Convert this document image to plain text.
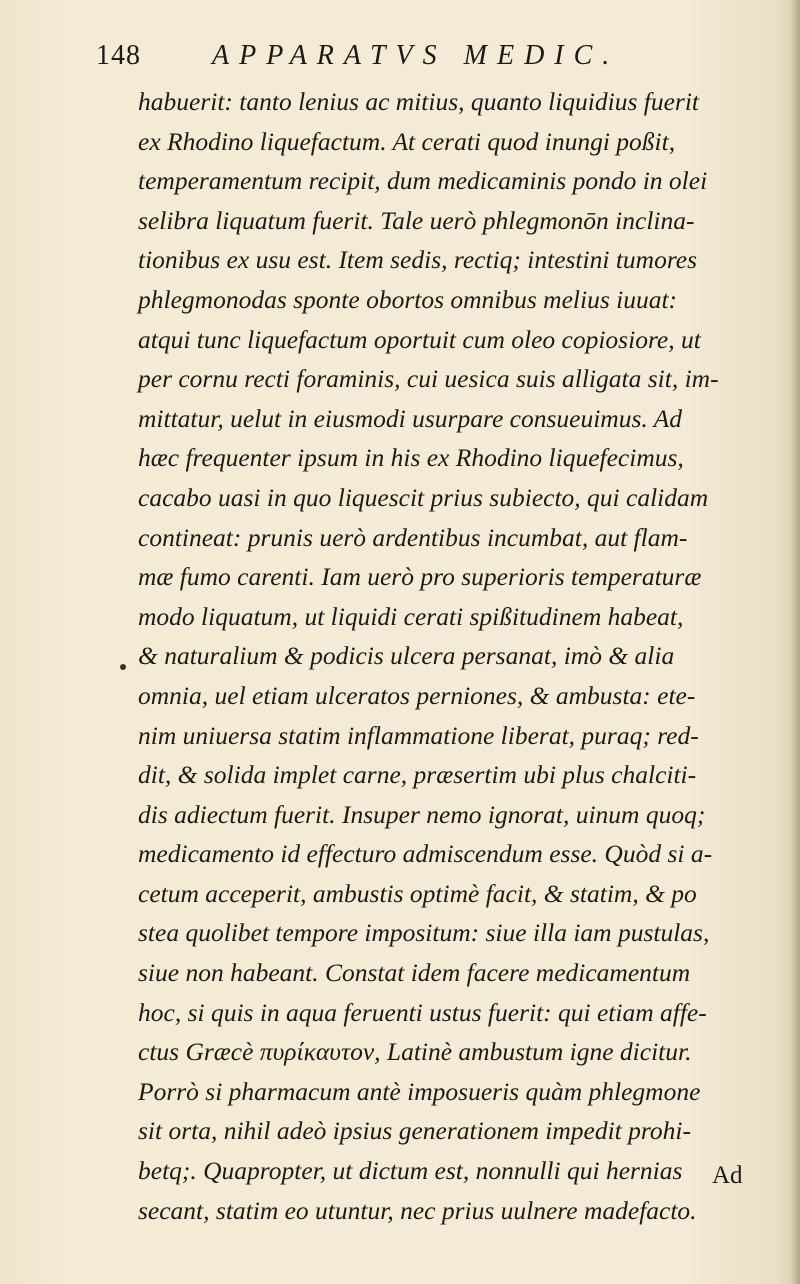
148	APPARATVS MEDIC.
habuerit: tanto lenius ac mitius, quanto liquidius fuerit
ex Rhodino liquefactum. At cerati quod inungi poßit,
temperamentum recipit, dum medicaminis pondo in olei
selibra liquatum fuerit. Tale uerò phlegmonōn inclina-
tionibus ex usu est. Item sedis, rectiq; intestini tumores
phlegmonodas sponte obortos omnibus melius iuuat:
atqui tunc liquefactum oportuit cum oleo copiosiore, ut
per cornu recti foraminis, cui uesica suis alligata sit, im-
mittatur, uelut in eiusmodi usurpare consueuimus. Ad
hæc frequenter ipsum in his ex Rhodino liquefecimus,
cacabo uasi in quo liquescit prius subiecto, qui calidam
contineat: prunis uerò ardentibus incumbat, aut flam-
mæ fumo carenti. Iam uerò pro superioris temperaturæ
modo liquatum, ut liquidi cerati spißitudinem habeat,
& naturalium & podicis ulcera persanat, imò & alia
omnia, uel etiam ulceratos perniones, & ambusta: ete-
nim uniuersa statim inflammatione liberat, puraq; red-
dit, & solida implet carne, præsertim ubi plus chalciti-
dis adiectum fuerit. Insuper nemo ignorat, uinum quoq;
medicamento id effecturo admiscendum esse. Quòd si a-
cetum acceperit, ambustis optimè facit, & statim, & po
stea quolibet tempore impositum: siue illa iam pustulas,
siue non habeant. Constat idem facere medicamentum
hoc, si quis in aqua feruenti ustus fuerit: qui etiam affe-
ctus Græcè πυρίκαυτον, Latinè ambustum igne dicitur.
Porrò si pharmacum antè imposueris quàm phlegmone
sit orta, nihil adeò ipsius generationem impedit prohi-
betq;. Quapropter, ut dictum est, nonnulli qui hernias
secant, statim eo utuntur, nec prius uulnere madefacto.
Ad
